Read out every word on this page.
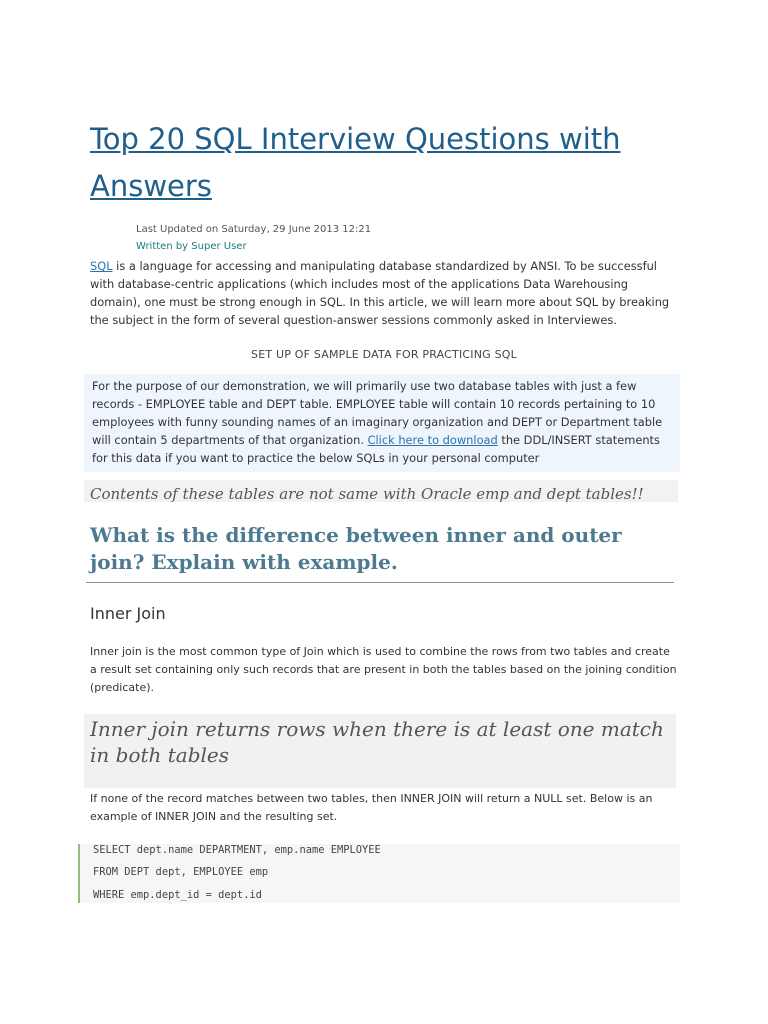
Top 20 SQL Interview Questions with Answers
Last Updated on Saturday, 29 June 2013 12:21
Written by Super User

SQL is a language for accessing and manipulating database standardized by ANSI. To be successful with database-centric applications (which includes most of the applications Data Warehousing domain), one must be strong enough in SQL. In this article, we will learn more about SQL by breaking the subject in the form of several question-answer sessions commonly asked in Interviewes.

SET UP OF SAMPLE DATA FOR PRACTICING SQL

For the purpose of our demonstration, we will primarily use two database tables with just a few records - EMPLOYEE table and DEPT table. EMPLOYEE table will contain 10 records pertaining to 10 employees with funny sounding names of an imaginary organization and DEPT or Department table will contain 5 departments of that organization. Click here to download the DDL/INSERT statements for this data if you want to practice the below SQLs in your personal computer

Contents of these tables are not same with Oracle emp and dept tables!!
What is the difference between inner and outer join? Explain with example.
Inner Join

Inner join is the most common type of Join which is used to combine the rows from two tables and create a result set containing only such records that are present in both the tables based on the joining condition (predicate).

Inner join returns rows when there is at least one match in both tables

If none of the record matches between two tables, then INNER JOIN will return a NULL set. Below is an example of INNER JOIN and the resulting set.

SELECT dept.name DEPARTMENT, emp.name EMPLOYEE
FROM DEPT dept, EMPLOYEE emp
WHERE emp.dept_id = dept.id
